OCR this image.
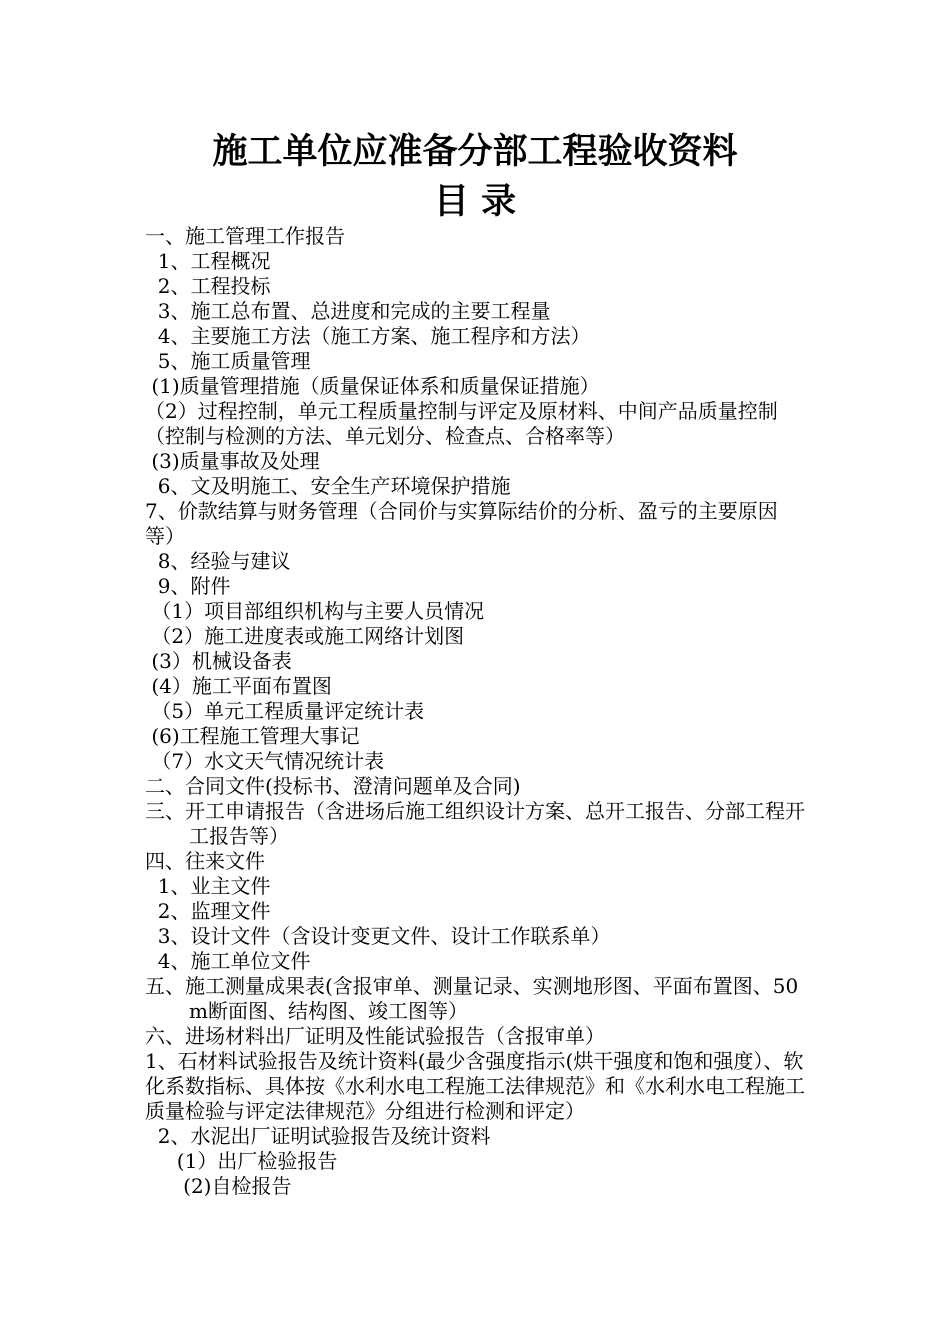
施工单位应准备分部工程验收资料
目 录
一、施工管理工作报告
1、工程概况
2、工程投标
3、施工总布置、总进度和完成的主要工程量
4、主要施工方法（施工方案、施工程序和方法）
5、施工质量管理
(1)质量管理措施（质量保证体系和质量保证措施）
（2）过程控制，单元工程质量控制与评定及原材料、中间产品质量控制（控制与检测的方法、单元划分、检查点、合格率等）
(3)质量事故及处理
6、文及明施工、安全生产环境保护措施
7、价款结算与财务管理（合同价与实算际结价的分析、盈亏的主要原因等）
8、经验与建议
9、附件
（1）项目部组织机构与主要人员情况
（2）施工进度表或施工网络计划图
(3）机械设备表
(4）施工平面布置图
（5）单元工程质量评定统计表
(6)工程施工管理大事记
（7）水文天气情况统计表
二、合同文件(投标书、澄清问题单及合同)
三、开工申请报告（含进场后施工组织设计方案、总开工报告、分部工程开工报告等）
四、往来文件
1、业主文件
2、监理文件
3、设计文件（含设计变更文件、设计工作联系单）
4、施工单位文件
五、施工测量成果表(含报审单、测量记录、实测地形图、平面布置图、50m断面图、结构图、竣工图等）
六、进场材料出厂证明及性能试验报告（含报审单）
1、石材料试验报告及统计资料(最少含强度指示(烘干强度和饱和强度）、软化系数指标、具体按《水利水电工程施工法律规范》和《水利水电工程施工质量检验与评定法律规范》分组进行检测和评定）
2、水泥出厂证明试验报告及统计资料
(1）出厂检验报告
(2)自检报告
